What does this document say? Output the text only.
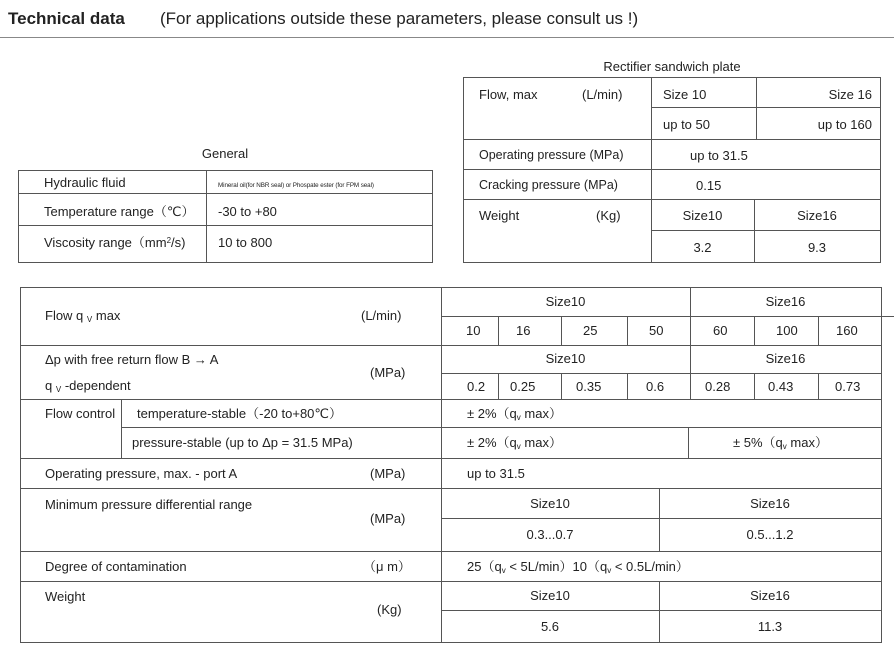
Technical data (For applications outside these parameters, please consult us !)
General
Hydraulic fluid	Mineral oil(for NBR seal) or Phospate ester (for FPM seal)
Temperature range（℃） -30 to +80
Viscosity $range(mm^2/s)$	10 to 800
Rectifier sandwich plate
Flow, max	(L/min)	Size 10	Size 16
up to 50	up to 160
Operating pressure (MPa)	up to 31.5
Cracking pressure (MPa)	0.15
Weight	(Kg)	Size10	Size16
3.2	9.3
Flow q $_V$ max	(L/min)
Size10	Size16
10	16	25	50	60	100	160
Δp with free return flow B → A
q $_V$ -dependent
(MPa)
Size10	Size16
0.2 0.25	0.35	0.6	0.28	0.43	0.73
Flow control temperature-stable（-20 to+80℃）	± $2\%(q_v$ max）
pressure-stable (up to Δp = 31.5 MPa)	± $2\%(q_v$ max）	± $5\%(q_v$ max）
Operating pressure, max. - port A	(MPa)	up to 31.5
Minimum pressure differential range
(MPa)
Size10	Size16
0.3...0.7	0.5...1.2
Degree of contamination	（μ m）	$25(q_v < 5L/\min)10(q_v < 0.5L/\min)$
Weight
(Kg)
Size10	Size16
5.6	11.3
